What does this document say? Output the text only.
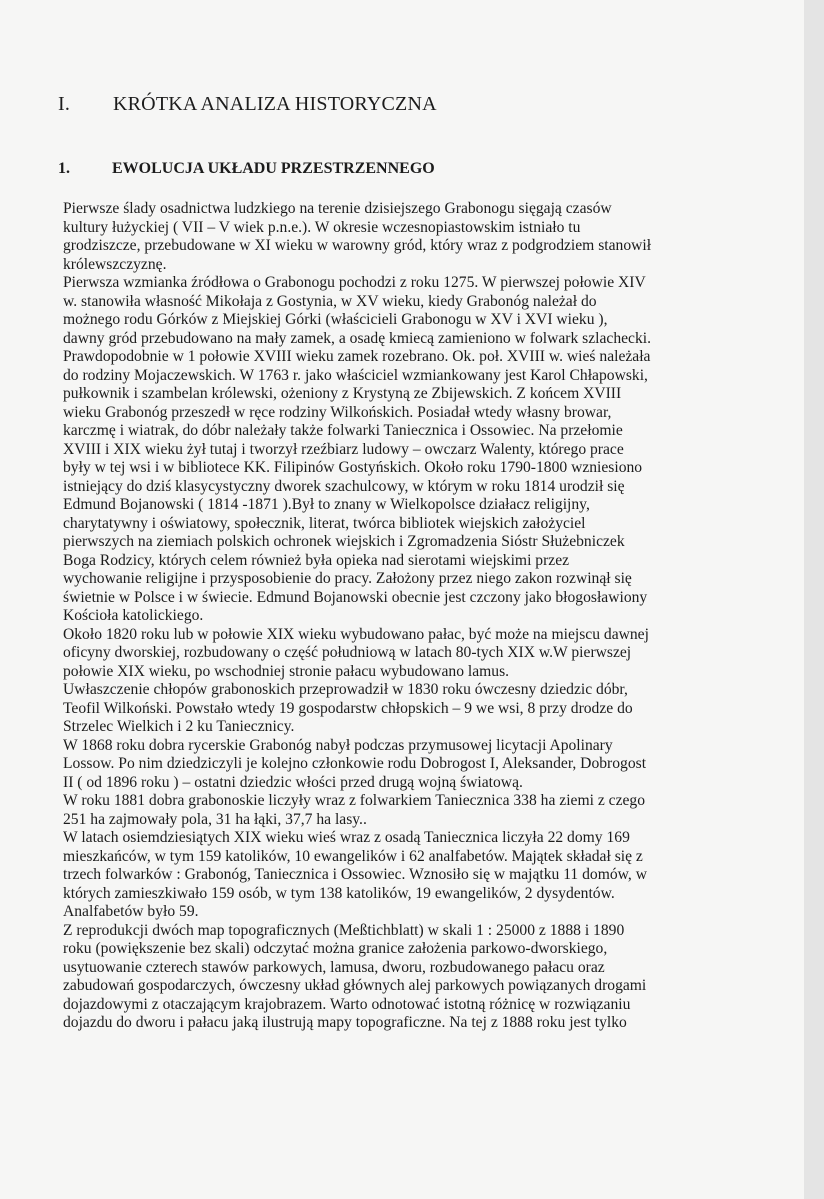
I. KRÓTKA ANALIZA HISTORYCZNA
1.	EWOLUCJA UKŁADU PRZESTRZENNEGO

Pierwsze ślady osadnictwa ludzkiego na terenie dzisiejszego Grabonogu sięgają czasów
kultury łużyckiej ( VII – V wiek p.n.e.). W okresie wczesnopiastowskim istniało tu
grodziszcze, przebudowane w XI wieku w warowny gród, który wraz z podgrodziem stanowił
królewszczyznę.

Pierwsza wzmianka źródłowa o Grabonogu pochodzi z roku 1275. W pierwszej połowie XIV
w. stanowiła własność Mikołaja z Gostynia, w XV wieku, kiedy Grabonóg należał do
możnego rodu Górków z Miejskiej Górki (właścicieli Grabonogu w XV i XVI wieku ),
dawny gród przebudowano na mały zamek, a osadę kmiecą zamieniono w folwark szlachecki.
Prawdopodobnie w 1 połowie XVIII wieku zamek rozebrano. Ok. poł. XVIII w. wieś należała
do rodziny Mojaczewskich. W 1763 r. jako właściciel wzmiankowany jest Karol Chłapowski,
pułkownik i szambelan królewski, ożeniony z Krystyną ze Zbijewskich. Z końcem XVIII
wieku Grabonóg przeszedł w ręce rodziny Wilkońskich. Posiadał wtedy własny browar,
karczmę i wiatrak, do dóbr należały także folwarki Taniecznica i Ossowiec. Na przełomie
XVIII i XIX wieku żył tutaj i tworzył rzeźbiarz ludowy – owczarz Walenty, którego prace
były w tej wsi i w bibliotece KK. Filipinów Gostyńskich. Około roku 1790-1800 wzniesiono
istniejący do dziś klasycystyczny dworek szachulcowy, w którym w roku 1814 urodził się
Edmund Bojanowski ( 1814 -1871 ).Był to znany w Wielkopolsce działacz religijny,
charytatywny i oświatowy, społecznik, literat, twórca bibliotek wiejskich założyciel
pierwszych na ziemiach polskich ochronek wiejskich i Zgromadzenia Sióstr Służebniczek
Boga Rodzicy, których celem również była opieka nad sierotami wiejskimi przez
wychowanie religijne i przysposobienie do pracy. Założony przez niego zakon rozwinął się
świetnie w Polsce i w świecie. Edmund Bojanowski obecnie jest czczony jako błogosławiony
Kościoła katolickiego.

Około 1820 roku lub w połowie XIX wieku wybudowano pałac, być może na miejscu dawnej
oficyny dworskiej, rozbudowany o część południową w latach 80-tych XIX w.W pierwszej
połowie XIX wieku, po wschodniej stronie pałacu wybudowano lamus.

Uwłaszczenie chłopów grabonoskich przeprowadził w 1830 roku ówczesny dziedzic dóbr,
Teofil Wilkoński. Powstało wtedy 19 gospodarstw chłopskich – 9 we wsi, 8 przy drodze do
Strzelec Wielkich i 2 ku Taniecznicy.

W 1868 roku dobra rycerskie Grabonóg nabył podczas przymusowej licytacji Apolinary
Lossow. Po nim dziedziczyli je kolejno członkowie rodu Dobrogost I, Aleksander, Dobrogost
II ( od 1896 roku ) – ostatni dziedzic włości przed drugą wojną światową.

W roku 1881 dobra grabonoskie liczyły wraz z folwarkiem Taniecznica 338 ha ziemi z czego
251 ha zajmowały pola, 31 ha łąki, 37,7 ha lasy..

W latach osiemdziesiątych XIX wieku wieś wraz z osadą Taniecznica liczyła 22 domy 169
mieszkańców, w tym 159 katolików, 10 ewangelików i 62 analfabetów. Majątek składał się z
trzech folwarków : Grabonóg, Taniecznica i Ossowiec. Wznosiło się w majątku 11 domów, w
których zamieszkiwało 159 osób, w tym 138 katolików, 19 ewangelików, 2 dysydentów.
Analfabetów było 59.

Z reprodukcji dwóch map topograficznych (Meßtichblatt) w skali 1 : 25000 z 1888 i 1890
roku (powiększenie bez skali) odczytać można granice założenia parkowo-dworskiego,
usytuowanie czterech stawów parkowych, lamusa, dworu, rozbudowanego pałacu oraz
zabudowań gospodarczych, ówczesny układ głównych alej parkowych powiązanych drogami
dojazdowymi z otaczającym krajobrazem. Warto odnotować istotną różnicę w rozwiązaniu
dojazdu do dworu i pałacu jaką ilustrują mapy topograficzne. Na tej z 1888 roku jest tylko
